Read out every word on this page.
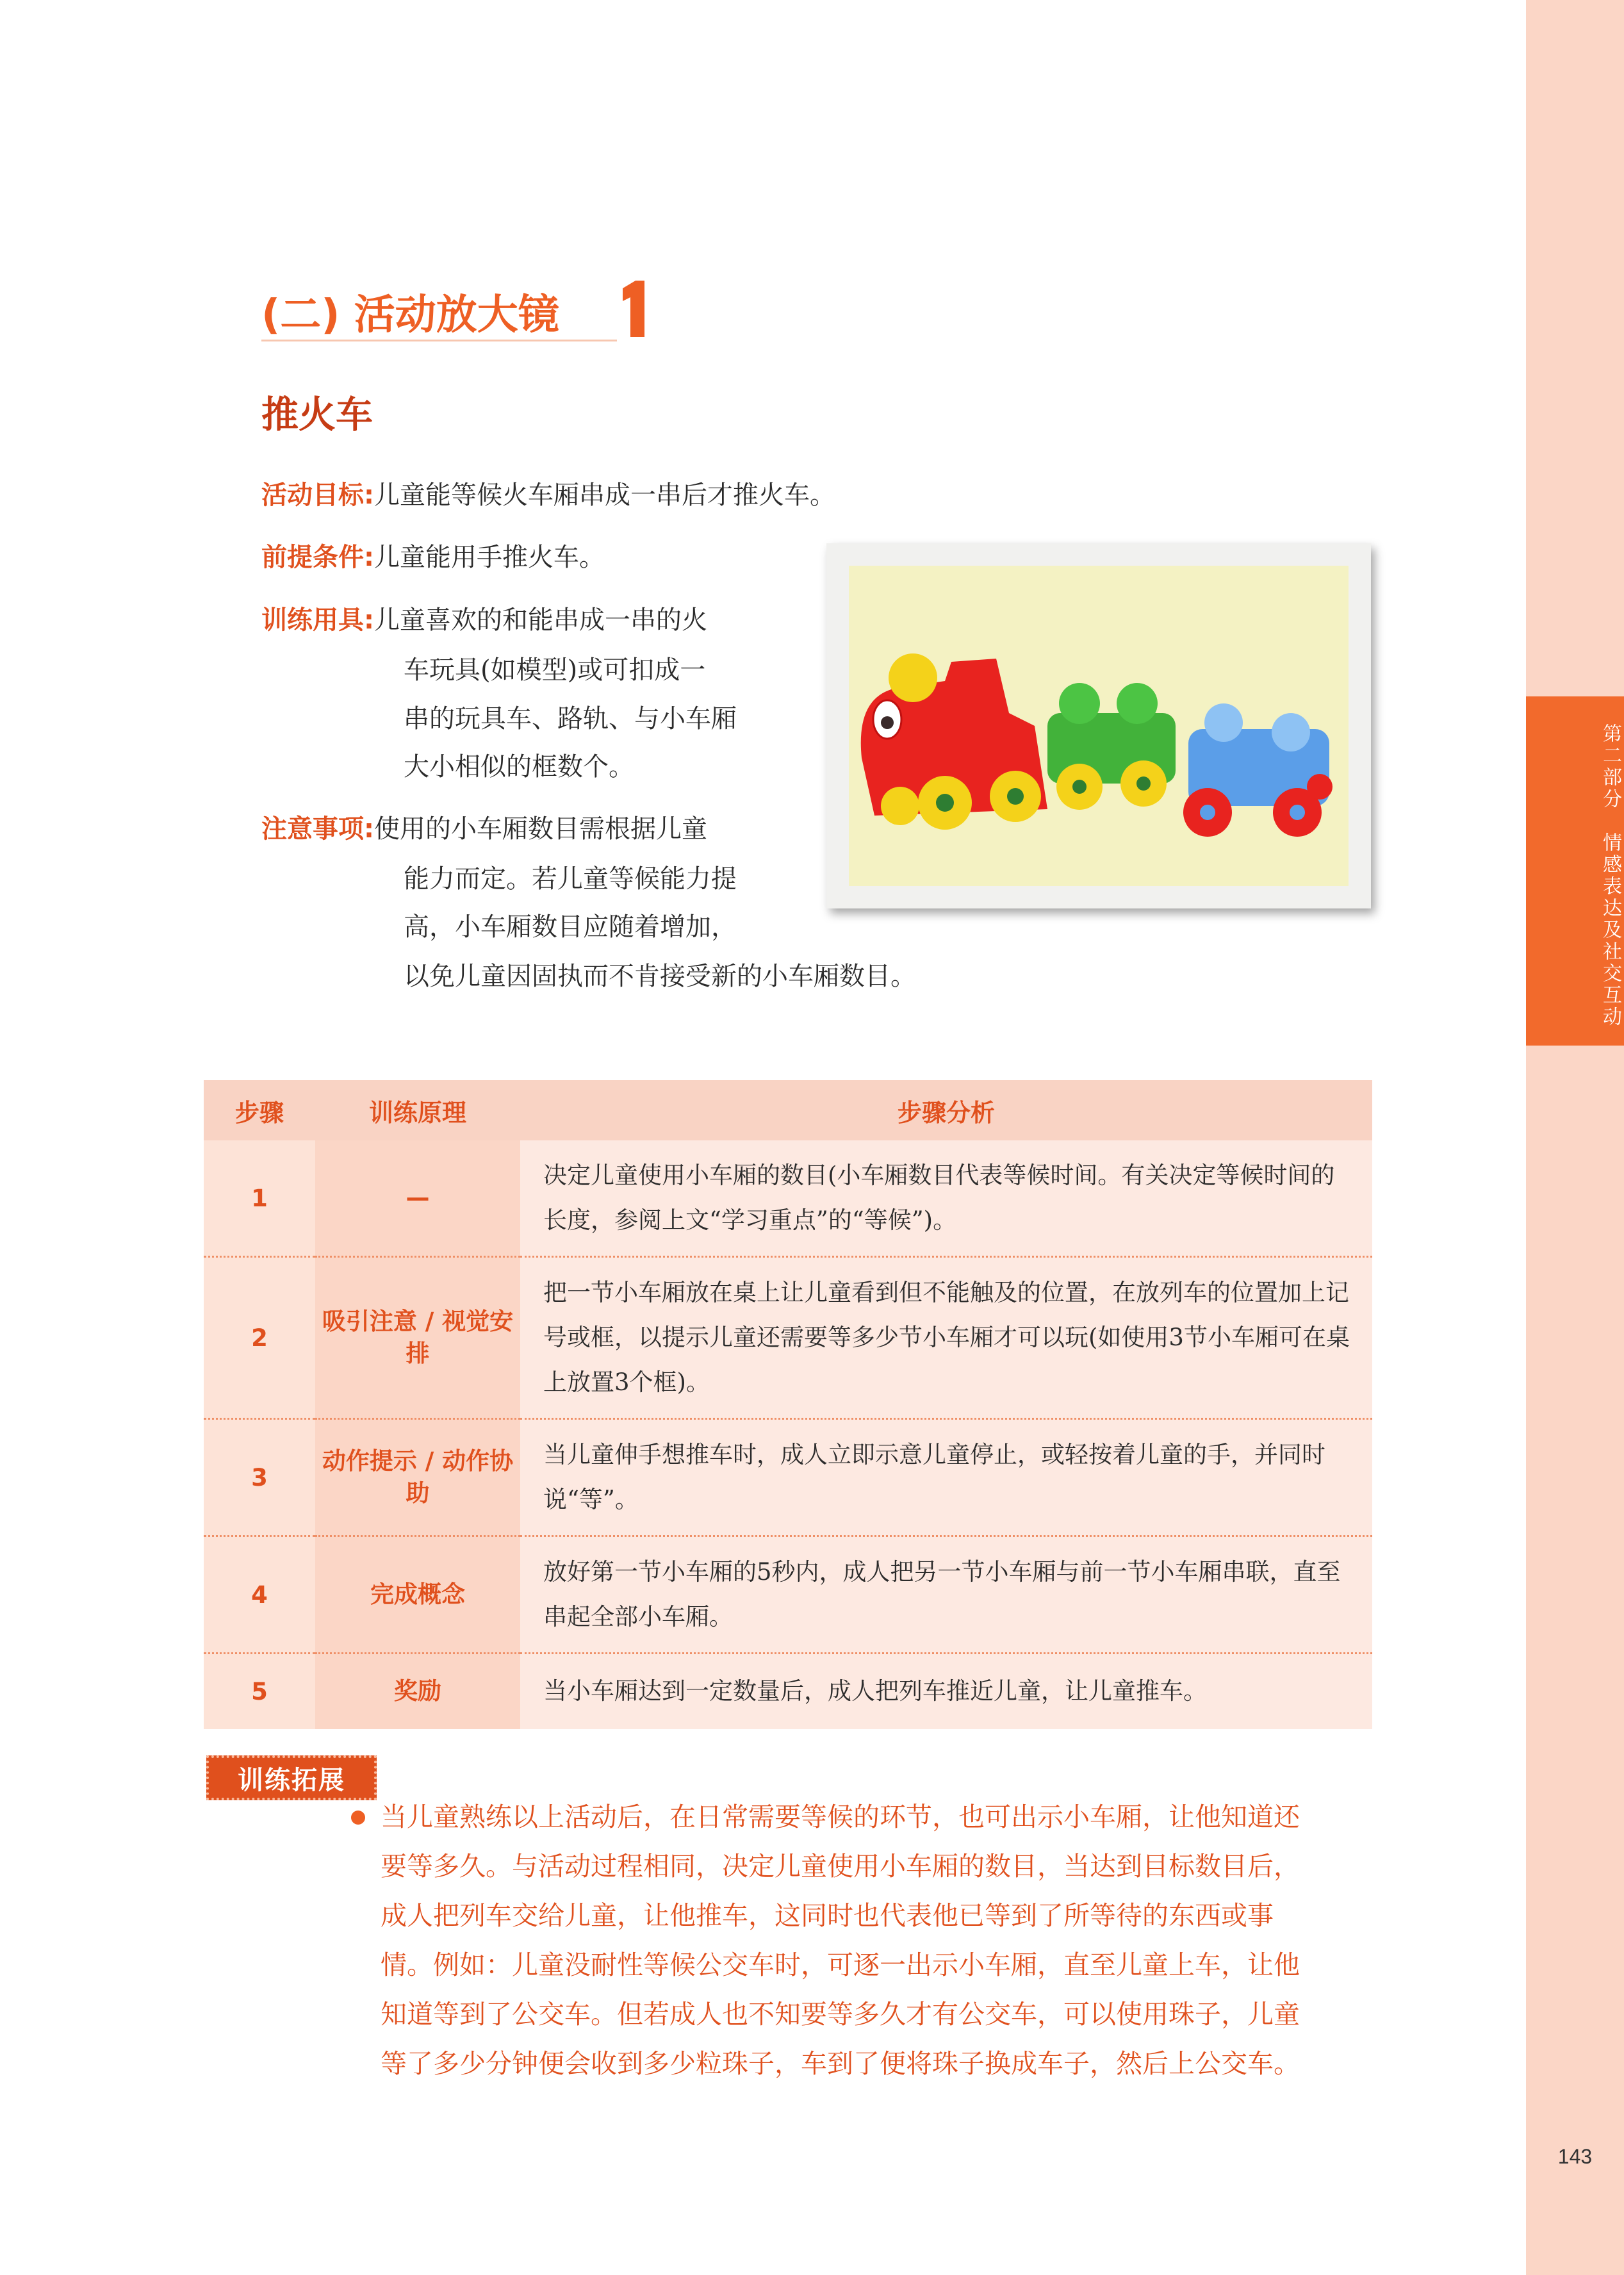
第二部分　情感表达及社交互动
143
(二) 活动放大镜
推火车
活动目标:儿童能等候火车厢串成一串后才推火车。
前提条件:儿童能用手推火车。
训练用具:儿童喜欢的和能串成一串的火
车玩具(如模型)或可扣成一
串的玩具车、路轨、与小车厢
大小相似的框数个。
注意事项:使用的小车厢数目需根据儿童
能力而定。若儿童等候能力提
高，小车厢数目应随着增加，
以免儿童因固执而不肯接受新的小车厢数目。
步骤	训练原理	步骤分析
1	—	决定儿童使用小车厢的数目(小车厢数目代表等候时间。有关决定等候时间的长度，参阅上文“学习重点”的“等候”)。
2	吸引注意 / 视觉安排	把一节小车厢放在桌上让儿童看到但不能触及的位置，在放列车的位置加上记号或框，以提示儿童还需要等多少节小车厢才可以玩(如使用3节小车厢可在桌上放置3个框)。
3	动作提示 / 动作协助	当儿童伸手想推车时，成人立即示意儿童停止，或轻按着儿童的手，并同时说“等”。
4	完成概念	放好第一节小车厢的5秒内，成人把另一节小车厢与前一节小车厢串联，直至串起全部小车厢。
5	奖励	当小车厢达到一定数量后，成人把列车推近儿童，让儿童推车。
训练拓展
当儿童熟练以上活动后，在日常需要等候的环节，也可出示小车厢，让他知道还
要等多久。与活动过程相同，决定儿童使用小车厢的数目，当达到目标数目后，
成人把列车交给儿童，让他推车，这同时也代表他已等到了所等待的东西或事
情。例如：儿童没耐性等候公交车时，可逐一出示小车厢，直至儿童上车，让他
知道等到了公交车。但若成人也不知要等多久才有公交车，可以使用珠子，儿童
等了多少分钟便会收到多少粒珠子，车到了便将珠子换成车子，然后上公交车。
